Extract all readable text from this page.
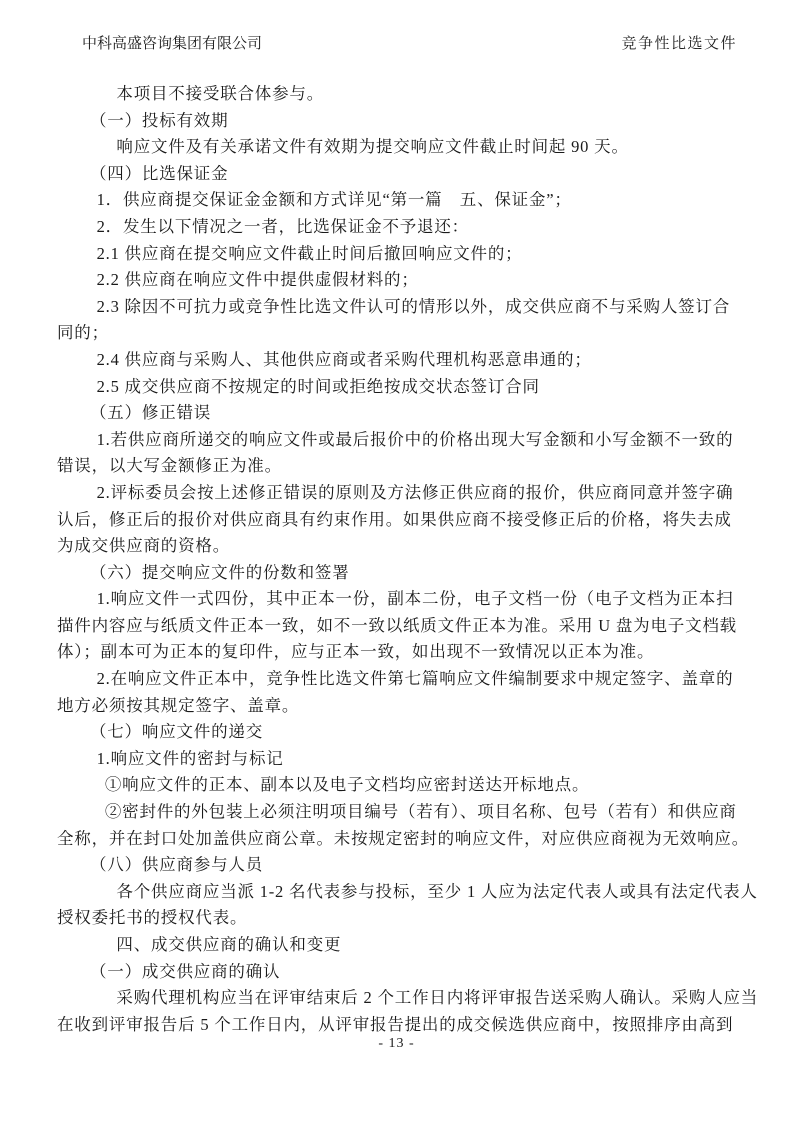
中科高盛咨询集团有限公司	竞争性比选文件
本项目不接受联合体参与。
（一）投标有效期
响应文件及有关承诺文件有效期为提交响应文件截止时间起 90 天。
（四）比选保证金
1．供应商提交保证金金额和方式详见“第一篇　五、保证金”；
2．发生以下情况之一者，比选保证金不予退还：
2.1 供应商在提交响应文件截止时间后撤回响应文件的；
2.2 供应商在响应文件中提供虚假材料的；
2.3 除因不可抗力或竞争性比选文件认可的情形以外，成交供应商不与采购人签订合
同的；
2.4 供应商与采购人、其他供应商或者采购代理机构恶意串通的；
2.5 成交供应商不按规定的时间或拒绝按成交状态签订合同
（五）修正错误
1.若供应商所递交的响应文件或最后报价中的价格出现大写金额和小写金额不一致的
错误，以大写金额修正为准。
2.评标委员会按上述修正错误的原则及方法修正供应商的报价，供应商同意并签字确
认后，修正后的报价对供应商具有约束作用。如果供应商不接受修正后的价格，将失去成
为成交供应商的资格。
（六）提交响应文件的份数和签署
1.响应文件一式四份，其中正本一份，副本二份，电子文档一份（电子文档为正本扫
描件内容应与纸质文件正本一致，如不一致以纸质文件正本为准。采用 U 盘为电子文档载
体）；副本可为正本的复印件，应与正本一致，如出现不一致情况以正本为准。
2.在响应文件正本中，竞争性比选文件第七篇响应文件编制要求中规定签字、盖章的
地方必须按其规定签字、盖章。
（七）响应文件的递交
1.响应文件的密封与标记
①响应文件的正本、副本以及电子文档均应密封送达开标地点。
②密封件的外包装上必须注明项目编号（若有）、项目名称、包号（若有）和供应商
全称，并在封口处加盖供应商公章。未按规定密封的响应文件，对应供应商视为无效响应。
（八）供应商参与人员
各个供应商应当派 1-2 名代表参与投标，至少 1 人应为法定代表人或具有法定代表人
授权委托书的授权代表。
四、成交供应商的确认和变更
（一）成交供应商的确认
采购代理机构应当在评审结束后 2 个工作日内将评审报告送采购人确认。采购人应当
在收到评审报告后 5 个工作日内，从评审报告提出的成交候选供应商中，按照排序由高到
- 13 -
